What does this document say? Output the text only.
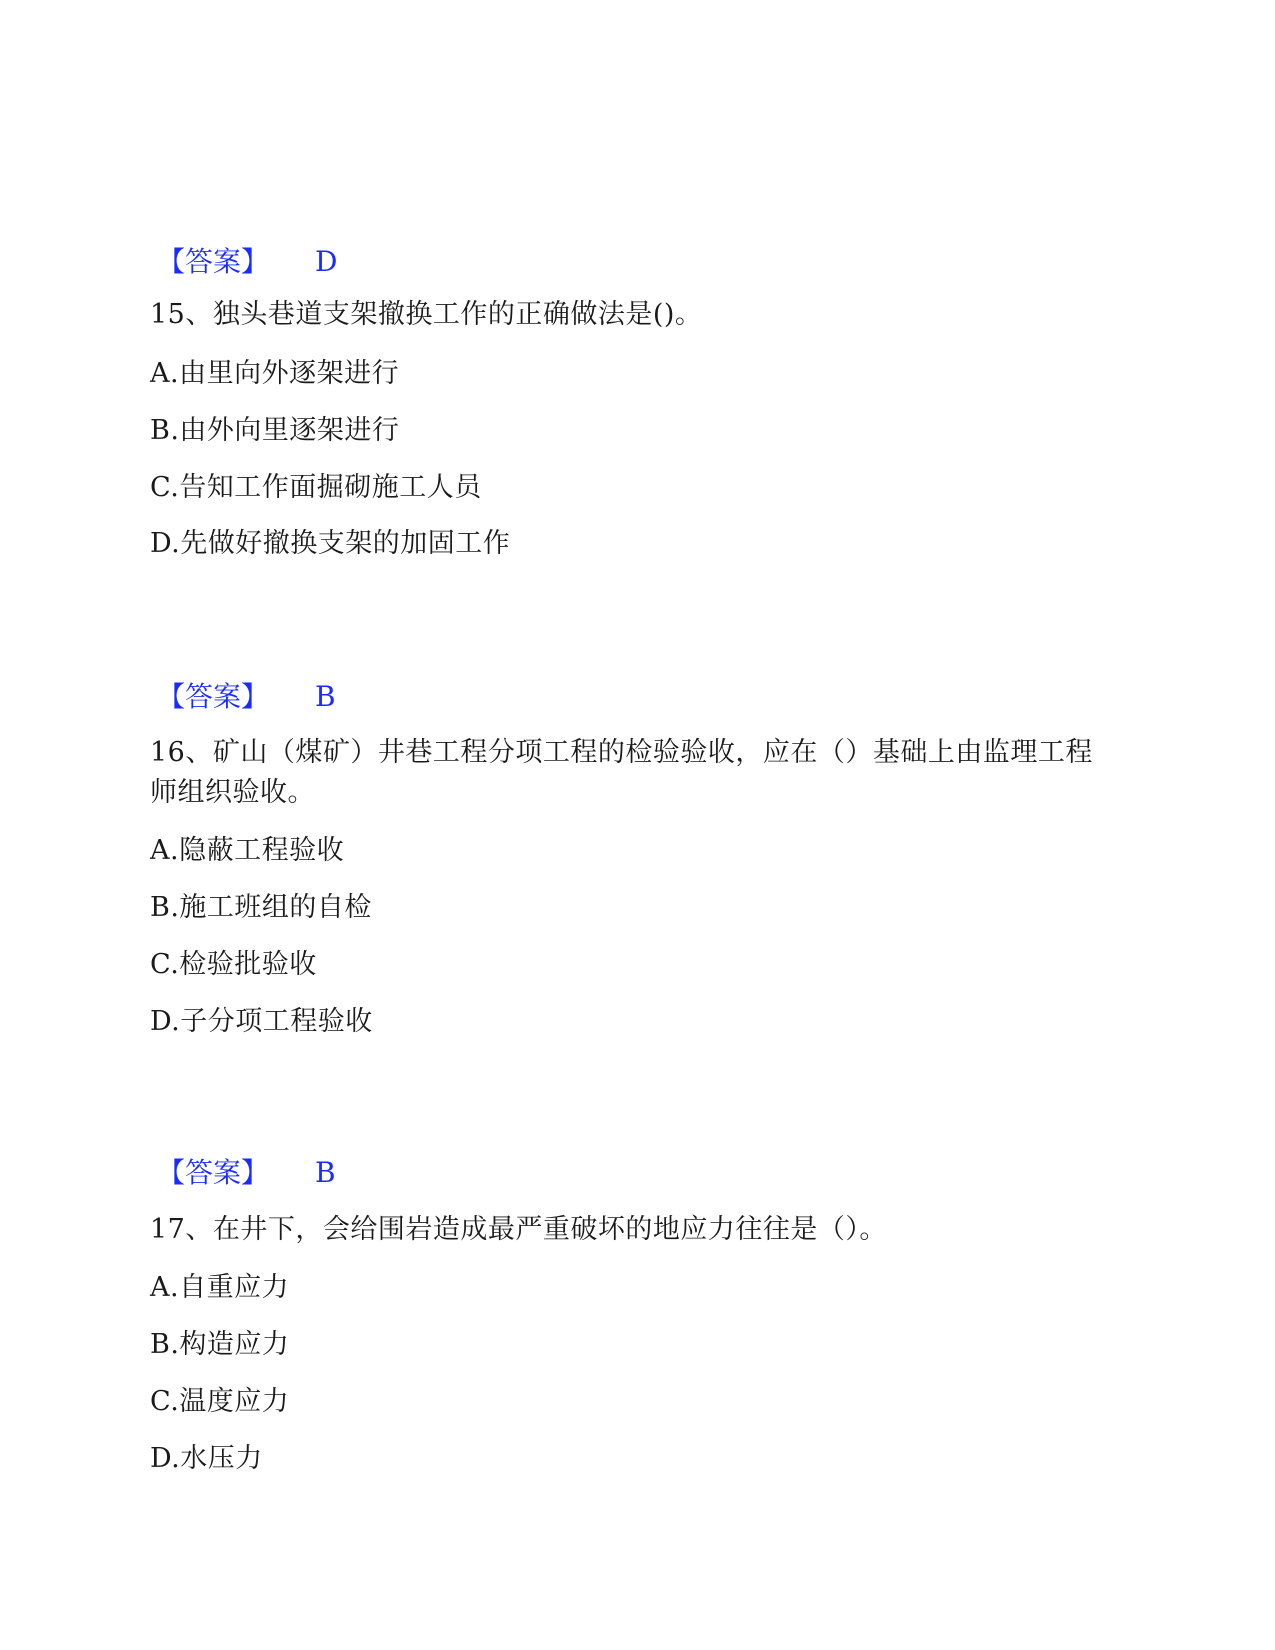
【答案】 D
15、独头巷道支架撤换工作的正确做法是()。
A.由里向外逐架进行
B.由外向里逐架进行
C.告知工作面掘砌施工人员
D.先做好撤换支架的加固工作
【答案】 B
16、矿山（煤矿）井巷工程分项工程的检验验收，应在（）基础上由监理工程师组织验收。
A.隐蔽工程验收
B.施工班组的自检
C.检验批验收
D.子分项工程验收
【答案】 B
17、在井下，会给围岩造成最严重破坏的地应力往往是（）。
A.自重应力
B.构造应力
C.温度应力
D.水压力
